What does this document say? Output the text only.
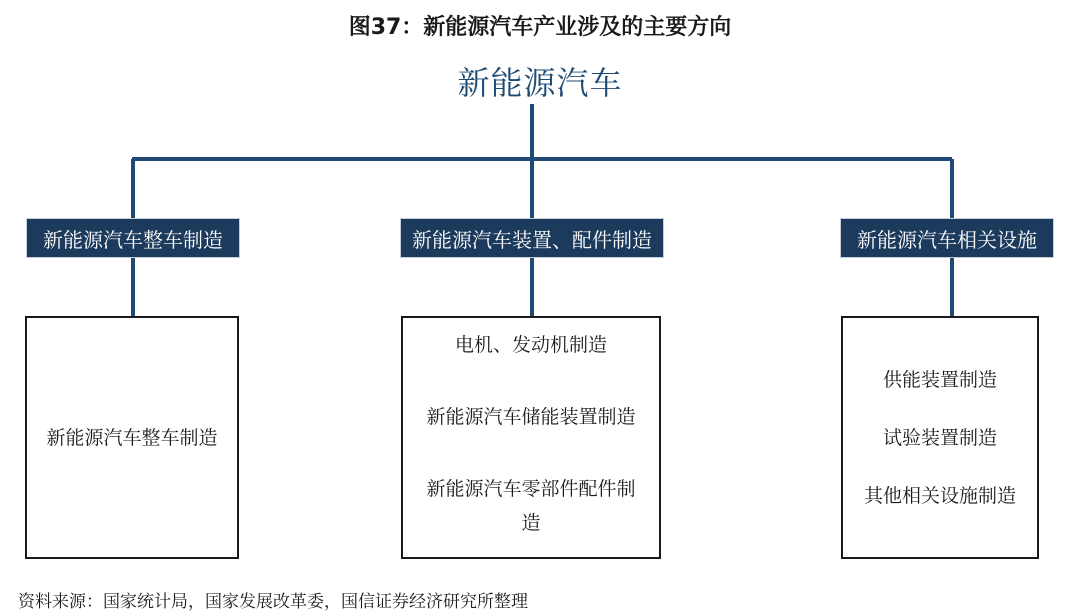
图37：新能源汽车产业涉及的主要方向
新能源汽车
新能源汽车整车制造	新能源汽车装置、配件制造	新能源汽车相关设施
新能源汽车整车制造
电机、发动机制造
新能源汽车储能装置制造
新能源汽车零部件配件制
造
供能装置制造
试验装置制造
其他相关设施制造
资料来源：国家统计局，国家发展改革委，国信证券经济研究所整理
